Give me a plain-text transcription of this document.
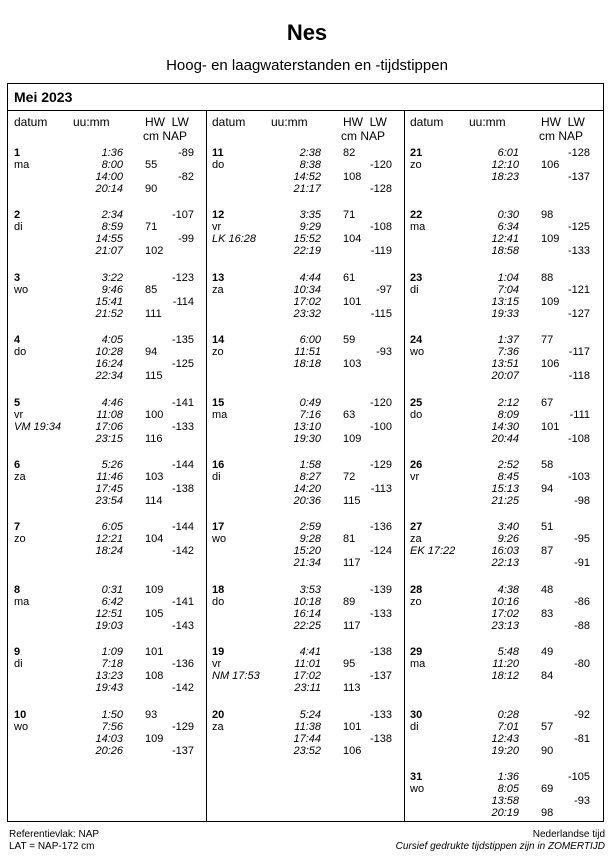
Nes
Hoog- en laagwaterstanden en -tijdstippen
Mei 2023
datum uu:mm	HW LW
cm NAP
1
ma
1:36	-89
8:00 55
14:00	-82
20:14 90
2
di
2:34	-107
8:59 71
14:55	-99
21:07 102
3
wo
3:22	-123
9:46 85
15:41	-114
21:52 111
4
do
4:05	-135
10:28 94
16:24	-125
22:34 115
5
vr
VM 19:34
4:46	-141
11:08 100
17:06	-133
23:15 116
6
za
5:26	-144
11:46 103
17:45	-138
23:54 114
7
zo
6:05	-144
12:21 104
18:24	-142
8
ma
0:31 109
6:42	-141
12:51 105
19:03	-143
9
di
1:09 101
7:18	-136
13:23 108
19:43	-142
10
wo
1:50 93
7:56	-129
14:03 109
20:26	-137
datum uu:mm	HW LW
cm NAP
11
do
2:38 82
8:38	-120
14:52 108
21:17	-128
12
vr
LK 16:28
3:35 71
9:29	-108
15:52 104
22:19	-119
13
za
4:44 61
10:34	-97
17:02 101
23:32	-115
14
zo
6:00 59
11:51	-93
18:18 103
15
ma
0:49	-120
7:16 63
13:10	-100
19:30 109
16
di
1:58	-129
8:27 72
14:20	-113
20:36 115
17
wo
2:59	-136
9:28 81
15:20	-124
21:34 117
18
do
3:53	-139
10:18 89
16:14	-133
22:25 117
19
vr
NM 17:53
4:41	-138
11:01 95
17:02	-137
23:11 113
20
za
5:24	-133
11:38 101
17:44	-138
23:52 106
datum uu:mm	HW LW
cm NAP
21
zo
6:01	-128
12:10 106
18:23	-137
22
ma
0:30 98
6:34	-125
12:41 109
18:58	-133
23
di
1:04 88
7:04	-121
13:15 109
19:33	-127
24
wo
1:37 77
7:36	-117
13:51 106
20:07	-118
25
do
2:12 67
8:09	-111
14:30 101
20:44	-108
26
vr
2:52 58
8:45	-103
15:13 94
21:25	-98
27
za
EK 17:22
3:40 51
9:26	-95
16:03 87
22:13	-91
28
zo
4:38 48
10:16	-86
17:02 83
23:13	-88
29
ma
5:48 49
11:20	-80
18:12 84
30
di
0:28	-92
7:01 57
12:43	-81
19:20 90
31
wo
1:36	-105
8:05 69
13:58	-93
20:19 98
Referentievlak: NAP
LAT = NAP-172 cm
Nederlandse tijd
Cursief gedrukte tijdstippen zijn in ZOMERTIJD
